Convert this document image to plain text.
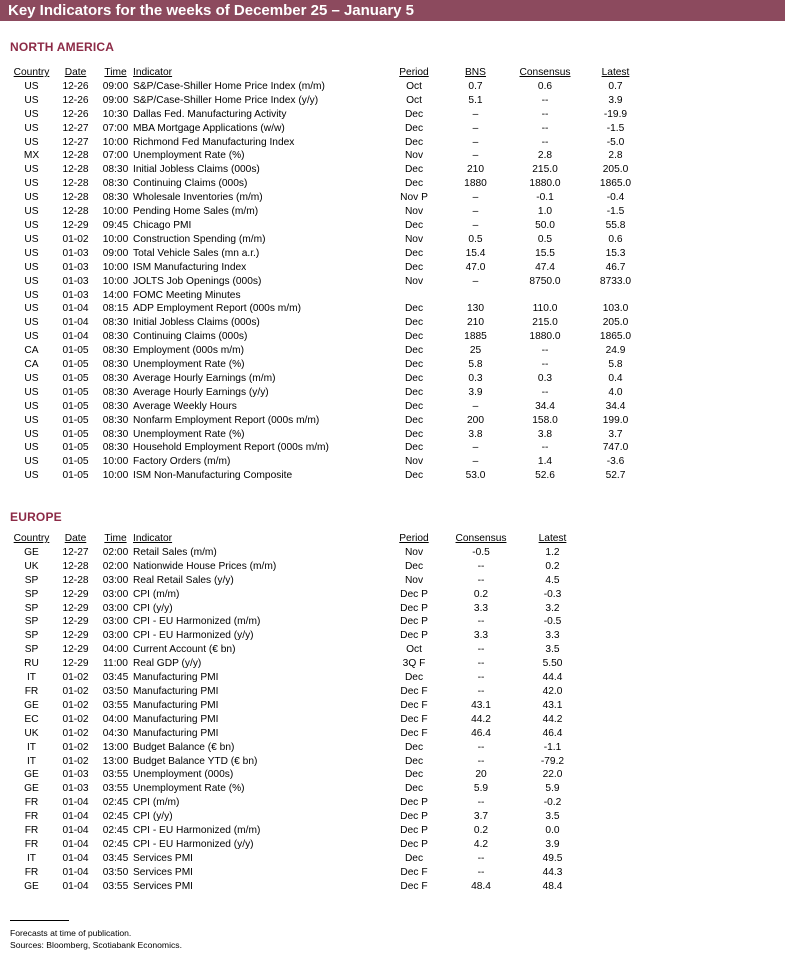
Key Indicators for the weeks of December 25 – January 5
NORTH AMERICA
Country	Date	Time	Indicator	Period	BNS	Consensus	Latest
US	12-26	09:00	S&P/Case-Shiller Home Price Index (m/m)	Oct	0.7	0.6	0.7
US	12-26	09:00	S&P/Case-Shiller Home Price Index (y/y)	Oct	5.1	--	3.9
US	12-26	10:30	Dallas Fed. Manufacturing Activity	Dec	–	--	-19.9
US	12-27	07:00	MBA Mortgage Applications (w/w)	Dec	–	--	-1.5
US	12-27	10:00	Richmond Fed Manufacturing Index	Dec	–	--	-5.0
MX	12-28	07:00	Unemployment Rate (%)	Nov	–	2.8	2.8
US	12-28	08:30	Initial Jobless Claims (000s)	Dec	210	215.0	205.0
US	12-28	08:30	Continuing Claims (000s)	Dec	1880	1880.0	1865.0
US	12-28	08:30	Wholesale Inventories (m/m)	Nov P	–	-0.1	-0.4
US	12-28	10:00	Pending Home Sales (m/m)	Nov	–	1.0	-1.5
US	12-29	09:45	Chicago PMI	Dec	–	50.0	55.8
US	01-02	10:00	Construction Spending (m/m)	Nov	0.5	0.5	0.6
US	01-03	09:00	Total Vehicle Sales (mn a.r.)	Dec	15.4	15.5	15.3
US	01-03	10:00	ISM Manufacturing Index	Dec	47.0	47.4	46.7
US	01-03	10:00	JOLTS Job Openings (000s)	Nov	–	8750.0	8733.0
US	01-03	14:00	FOMC Meeting Minutes				
US	01-04	08:15	ADP Employment Report (000s m/m)	Dec	130	110.0	103.0
US	01-04	08:30	Initial Jobless Claims (000s)	Dec	210	215.0	205.0
US	01-04	08:30	Continuing Claims (000s)	Dec	1885	1880.0	1865.0
CA	01-05	08:30	Employment (000s m/m)	Dec	25	--	24.9
CA	01-05	08:30	Unemployment Rate (%)	Dec	5.8	--	5.8
US	01-05	08:30	Average Hourly Earnings (m/m)	Dec	0.3	0.3	0.4
US	01-05	08:30	Average Hourly Earnings (y/y)	Dec	3.9	--	4.0
US	01-05	08:30	Average Weekly Hours	Dec	–	34.4	34.4
US	01-05	08:30	Nonfarm Employment Report (000s m/m)	Dec	200	158.0	199.0
US	01-05	08:30	Unemployment Rate (%)	Dec	3.8	3.8	3.7
US	01-05	08:30	Household Employment Report (000s m/m)	Dec	–	--	747.0
US	01-05	10:00	Factory Orders (m/m)	Nov	–	1.4	-3.6
US	01-05	10:00	ISM Non-Manufacturing Composite	Dec	53.0	52.6	52.7
EUROPE
Country	Date	Time	Indicator	Period	Consensus	Latest
GE	12-27	02:00	Retail Sales (m/m)	Nov	-0.5	1.2
UK	12-28	02:00	Nationwide House Prices (m/m)	Dec	--	0.2
SP	12-28	03:00	Real Retail Sales (y/y)	Nov	--	4.5
SP	12-29	03:00	CPI (m/m)	Dec P	0.2	-0.3
SP	12-29	03:00	CPI (y/y)	Dec P	3.3	3.2
SP	12-29	03:00	CPI - EU Harmonized (m/m)	Dec P	--	-0.5
SP	12-29	03:00	CPI - EU Harmonized (y/y)	Dec P	3.3	3.3
SP	12-29	04:00	Current Account (€ bn)	Oct	--	3.5
RU	12-29	11:00	Real GDP (y/y)	3Q F	--	5.50
IT	01-02	03:45	Manufacturing PMI	Dec	--	44.4
FR	01-02	03:50	Manufacturing PMI	Dec F	--	42.0
GE	01-02	03:55	Manufacturing PMI	Dec F	43.1	43.1
EC	01-02	04:00	Manufacturing PMI	Dec F	44.2	44.2
UK	01-02	04:30	Manufacturing PMI	Dec F	46.4	46.4
IT	01-02	13:00	Budget Balance (€ bn)	Dec	--	-1.1
IT	01-02	13:00	Budget Balance YTD (€ bn)	Dec	--	-79.2
GE	01-03	03:55	Unemployment (000s)	Dec	20	22.0
GE	01-03	03:55	Unemployment Rate (%)	Dec	5.9	5.9
FR	01-04	02:45	CPI (m/m)	Dec P	--	-0.2
FR	01-04	02:45	CPI (y/y)	Dec P	3.7	3.5
FR	01-04	02:45	CPI - EU Harmonized (m/m)	Dec P	0.2	0.0
FR	01-04	02:45	CPI - EU Harmonized (y/y)	Dec P	4.2	3.9
IT	01-04	03:45	Services PMI	Dec	--	49.5
FR	01-04	03:50	Services PMI	Dec F	--	44.3
GE	01-04	03:55	Services PMI	Dec F	48.4	48.4
Forecasts at time of publication.
Sources: Bloomberg, Scotiabank Economics.
